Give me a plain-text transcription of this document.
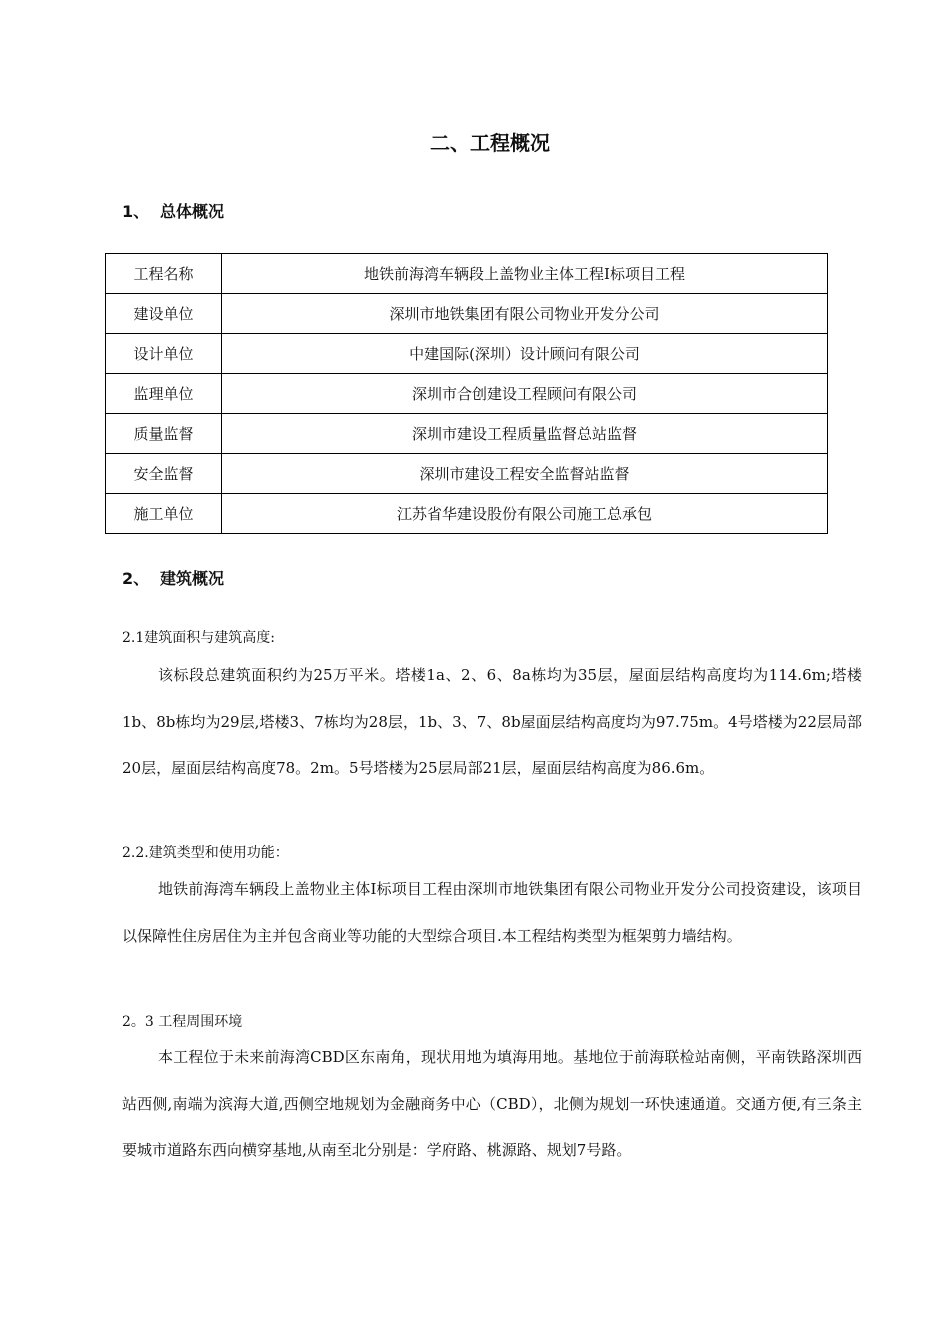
二、工程概况
1、 总体概况
工程名称	地铁前海湾车辆段上盖物业主体工程Ⅰ标项目工程
建设单位	深圳市地铁集团有限公司物业开发分公司
设计单位	中建国际(深圳）设计顾问有限公司
监理单位	深圳市合创建设工程顾问有限公司
质量监督	深圳市建设工程质量监督总站监督
安全监督	深圳市建设工程安全监督站监督
施工单位	江苏省华建设股份有限公司施工总承包
2、 建筑概况
2.1建筑面积与建筑高度:
该标段总建筑面积约为25万平米。塔楼1a、2、6、8a栋均为35层，屋面层结构高度均为114.6m;塔楼1b、8b栋均为29层,塔楼3、7栋均为28层，1b、3、7、8b屋面层结构高度均为97.75m。4号塔楼为22层局部20层，屋面层结构高度78。2m。5号塔楼为25层局部21层，屋面层结构高度为86.6m。
2.2.建筑类型和使用功能：
地铁前海湾车辆段上盖物业主体Ⅰ标项目工程由深圳市地铁集团有限公司物业开发分公司投资建设，该项目以保障性住房居住为主并包含商业等功能的大型综合项目.本工程结构类型为框架剪力墙结构。
2。3 工程周围环境
本工程位于未来前海湾CBD区东南角，现状用地为填海用地。基地位于前海联检站南侧，平南铁路深圳西站西侧,南端为滨海大道,西侧空地规划为金融商务中心（CBD），北侧为规划一环快速通道。交通方便,有三条主要城市道路东西向横穿基地,从南至北分别是：学府路、桃源路、规划7号路。
